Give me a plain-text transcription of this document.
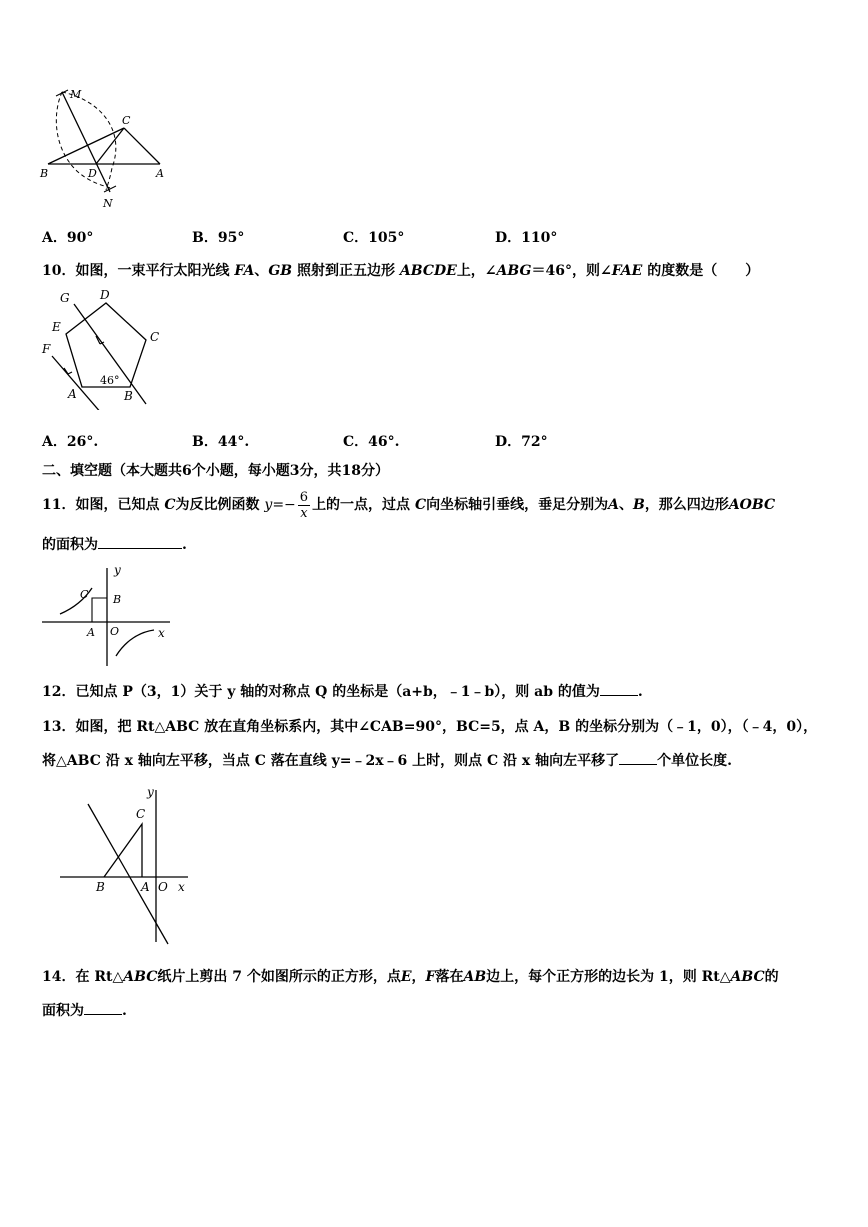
M
C
B	D	A
N
A．90°	B．95°	C．105°	D．110°
10．如图，一束平行太阳光线 FA、GB 照射到正五边形 ABCDE上，∠ABG＝46°，则∠FAE 的度数是（　　）
G	D
E
C
F
46°
A	B
A．26°.	B．44°.	C．46°.	D．72°
二、填空题（本大题共6个小题，每小题3分，共18分）
11．如图，已知点 C为反比例函数 $y=- \frac{6}{x}$ 上的一点，过点 C向坐标轴引垂线，垂足分别为A、B，那么四边形AOBC
的面积为	.
y
C B
A O	x
12．已知点 P（3，1）关于 y 轴的对称点 Q 的坐标是（a+b，﹣1﹣b），则 ab 的值为	.
13．如图，把 Rt△ABC 放在直角坐标系内，其中∠CAB=90°，BC=5，点 A，B 的坐标分别为（﹣1，0），（﹣4，0），
将△ABC 沿 x 轴向左平移，当点 C 落在直线 y=﹣2x﹣6 上时，则点 C 沿 x 轴向左平移了	个单位长度.
y
C
B	A O x
14．在 Rt△ABC纸片上剪出 7 个如图所示的正方形，点E，F落在AB边上，每个正方形的边长为 1，则 Rt△ABC的
面积为	.
